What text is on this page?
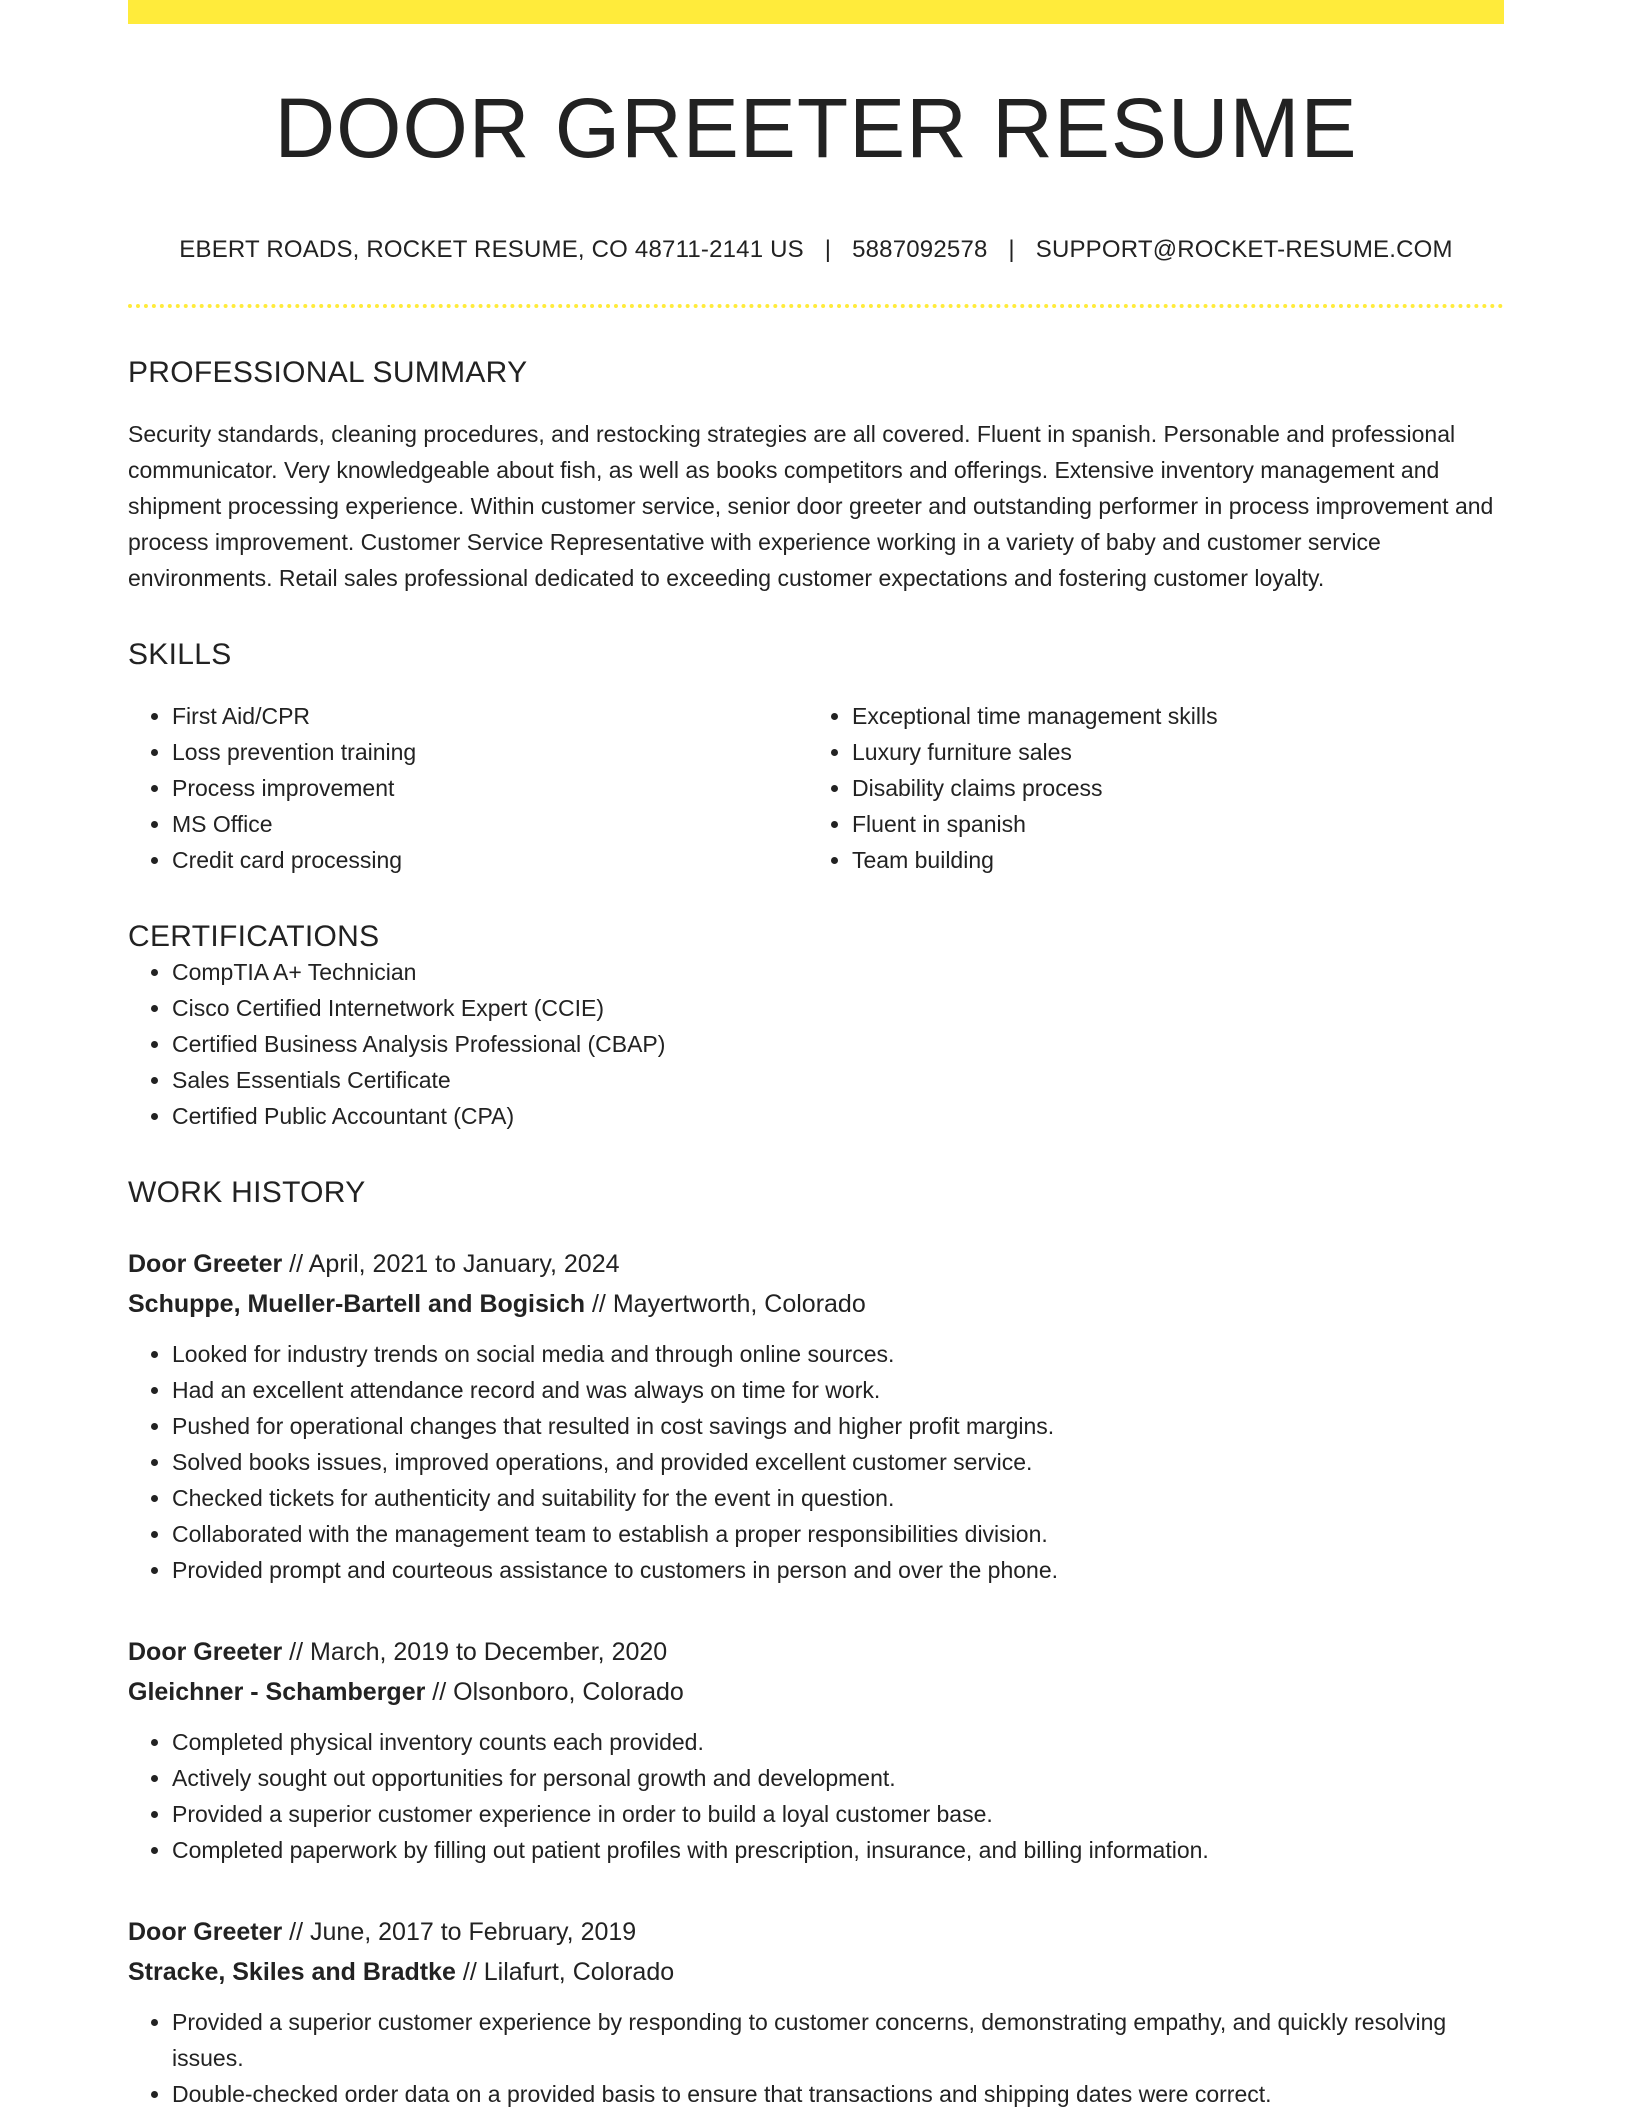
DOOR GREETER RESUME
EBERT ROADS, ROCKET RESUME, CO 48711-2141 US | 5887092578 | SUPPORT@ROCKET-RESUME.COM
PROFESSIONAL SUMMARY

Security standards, cleaning procedures, and restocking strategies are all covered. Fluent in spanish. Personable and professional communicator. Very knowledgeable about fish, as well as books competitors and offerings. Extensive inventory management and shipment processing experience. Within customer service, senior door greeter and outstanding performer in process improvement and process improvement. Customer Service Representative with experience working in a variety of baby and customer service environments. Retail sales professional dedicated to exceeding customer expectations and fostering customer loyalty.

SKILLS
• First Aid/CPR
• Loss prevention training
• Process improvement
• MS Office
• Credit card processing
• Exceptional time management skills
• Luxury furniture sales
• Disability claims process
• Fluent in spanish
• Team building
CERTIFICATIONS
• CompTIA A+ Technician
• Cisco Certified Internetwork Expert (CCIE)
• Certified Business Analysis Professional (CBAP)
• Sales Essentials Certificate
• Certified Public Accountant (CPA)
WORK HISTORY
Door Greeter // April, 2021 to January, 2024
Schuppe, Mueller-Bartell and Bogisich // Mayertworth, Colorado
• Looked for industry trends on social media and through online sources.
• Had an excellent attendance record and was always on time for work.
• Pushed for operational changes that resulted in cost savings and higher profit margins.
• Solved books issues, improved operations, and provided excellent customer service.
• Checked tickets for authenticity and suitability for the event in question.
• Collaborated with the management team to establish a proper responsibilities division.
• Provided prompt and courteous assistance to customers in person and over the phone.
Door Greeter // March, 2019 to December, 2020
Gleichner - Schamberger // Olsonboro, Colorado
• Completed physical inventory counts each provided.
• Actively sought out opportunities for personal growth and development.
• Provided a superior customer experience in order to build a loyal customer base.
• Completed paperwork by filling out patient profiles with prescription, insurance, and billing information.
Door Greeter // June, 2017 to February, 2019
Stracke, Skiles and Bradtke // Lilafurt, Colorado
• Provided a superior customer experience by responding to customer concerns, demonstrating empathy, and quickly resolving issues.
• Double-checked order data on a provided basis to ensure that transactions and shipping dates were correct.
